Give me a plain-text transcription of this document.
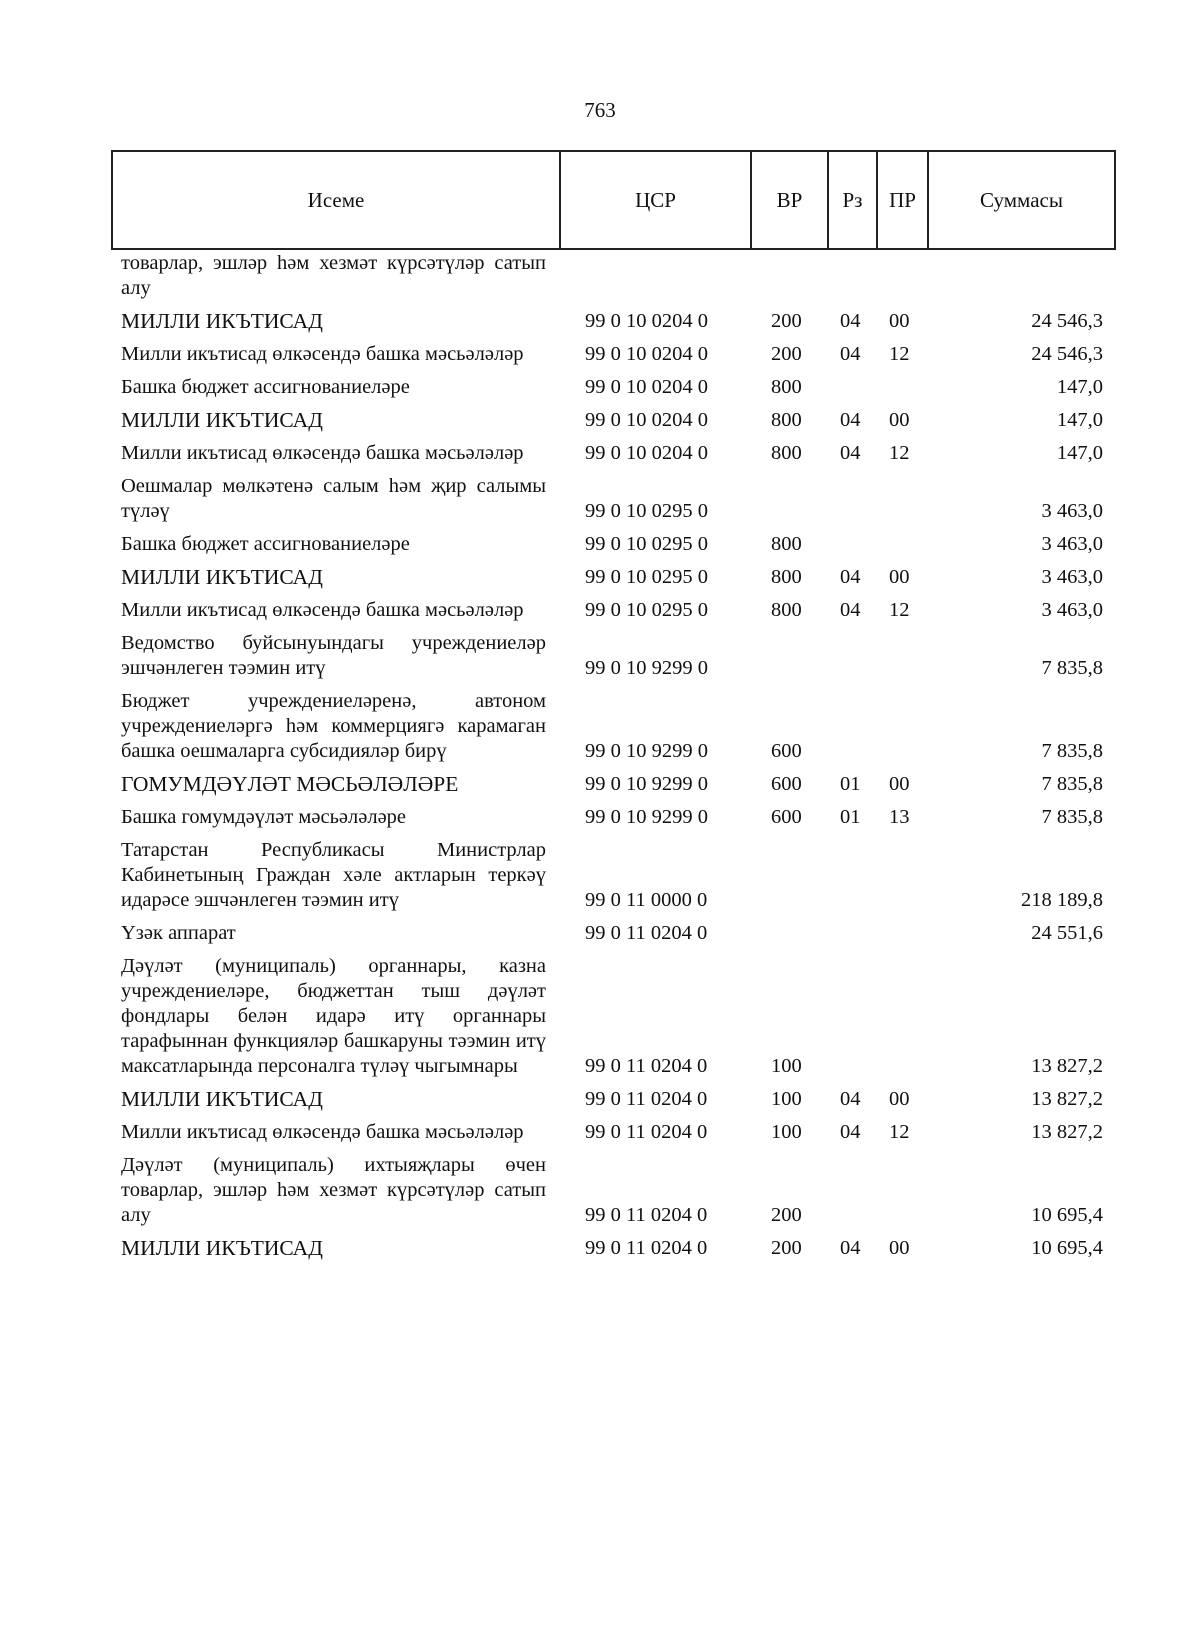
763
Исеме	ЦСР	ВР	Рз	ПР	Суммасы
товарлар, эшләр һәм хезмәт күрсәтүләр сатып алу					
МИЛЛИ ИКЪТИСАД	99 0 10 0204 0	200	04	00	24 546,3
Милли икътисад өлкәсендә башка мәсьәләләр	99 0 10 0204 0	200	04	12	24 546,3
Башка бюджет ассигнованиеләре	99 0 10 0204 0	800			147,0
МИЛЛИ ИКЪТИСАД	99 0 10 0204 0	800	04	00	147,0
Милли икътисад өлкәсендә башка мәсьәләләр	99 0 10 0204 0	800	04	12	147,0
Оешмалар мөлкәтенә салым һәм җир салымы түләү	99 0 10 0295 0				3 463,0
Башка бюджет ассигнованиеләре	99 0 10 0295 0	800			3 463,0
МИЛЛИ ИКЪТИСАД	99 0 10 0295 0	800	04	00	3 463,0
Милли икътисад өлкәсендә башка мәсьәләләр	99 0 10 0295 0	800	04	12	3 463,0
Ведомство буйсынуындагы учреждениеләр эшчәнлеген тәэмин итү	99 0 10 9299 0				7 835,8
Бюджет учреждениеләренә, автоном учреждениеләргә һәм коммерциягә карамаган башка оешмаларга субсидияләр бирү	99 0 10 9299 0	600			7 835,8
ГОМУМДӘҮЛӘТ МӘСЬӘЛӘЛӘРЕ	99 0 10 9299 0	600	01	00	7 835,8
Башка гомумдәүләт мәсьәләләре	99 0 10 9299 0	600	01	13	7 835,8
Татарстан Республикасы Министрлар Кабинетының Граждан хәле актларын теркәү идарәсе эшчәнлеген тәэмин итү	99 0 11 0000 0				218 189,8
Үзәк аппарат	99 0 11 0204 0				24 551,6
Дәүләт (муниципаль) органнары, казна учреждениеләре, бюджеттан тыш дәүләт фондлары белән идарә итү органнары тарафыннан функцияләр башкаруны тәэмин итү максатларында персоналга түләү чыгымнары	99 0 11 0204 0	100			13 827,2
МИЛЛИ ИКЪТИСАД	99 0 11 0204 0	100	04	00	13 827,2
Милли икътисад өлкәсендә башка мәсьәләләр	99 0 11 0204 0	100	04	12	13 827,2
Дәүләт (муниципаль) ихтыяҗлары өчен товарлар, эшләр һәм хезмәт күрсәтүләр сатып алу	99 0 11 0204 0	200			10 695,4
МИЛЛИ ИКЪТИСАД	99 0 11 0204 0	200	04	00	10 695,4
